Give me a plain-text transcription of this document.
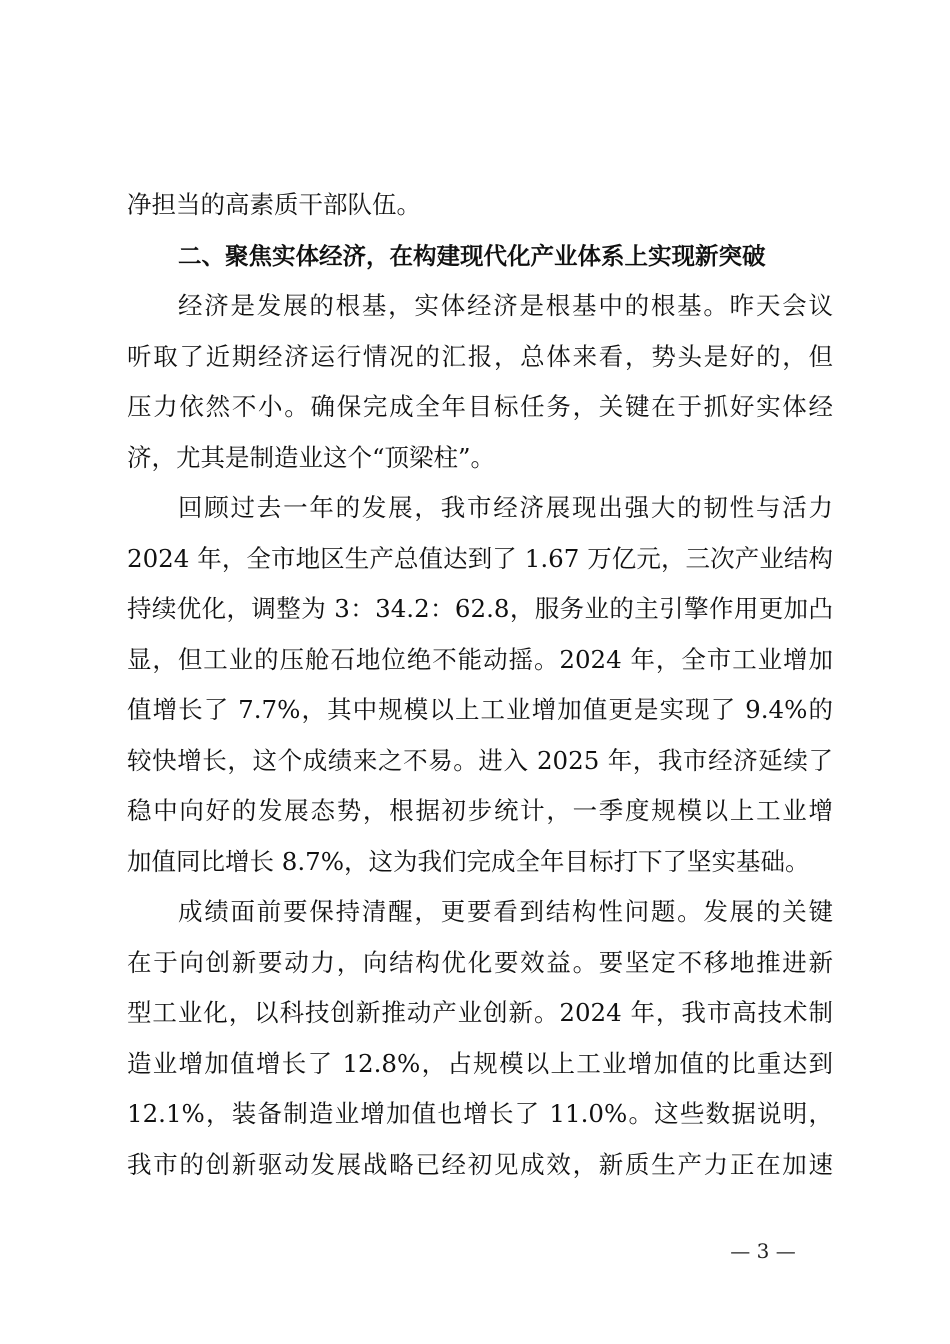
净担当的高素质干部队伍。
二、聚焦实体经济，在构建现代化产业体系上实现新突破
经济是发展的根基，实体经济是根基中的根基。昨天会议
听取了近期经济运行情况的汇报，总体来看，势头是好的，但
压力依然不小。确保完成全年目标任务，关键在于抓好实体经
济，尤其是制造业这个“顶梁柱”。
回顾过去一年的发展，我市经济展现出强大的韧性与活力
2024 年，全市地区生产总值达到了 1.67 万亿元，三次产业结构
持续优化，调整为 3：34.2：62.8，服务业的主引擎作用更加凸
显，但工业的压舱石地位绝不能动摇。2024 年，全市工业增加
值增长了 7.7%，其中规模以上工业增加值更是实现了 9.4%的
较快增长，这个成绩来之不易。进入 2025 年，我市经济延续了
稳中向好的发展态势，根据初步统计，一季度规模以上工业增
加值同比增长 8.7%，这为我们完成全年目标打下了坚实基础。
成绩面前要保持清醒，更要看到结构性问题。发展的关键
在于向创新要动力，向结构优化要效益。要坚定不移地推进新
型工业化，以科技创新推动产业创新。2024 年，我市高技术制
造业增加值增长了 12.8%，占规模以上工业增加值的比重达到
12.1%，装备制造业增加值也增长了 11.0%。这些数据说明，
我市的创新驱动发展战略已经初见成效，新质生产力正在加速
— 3 —
